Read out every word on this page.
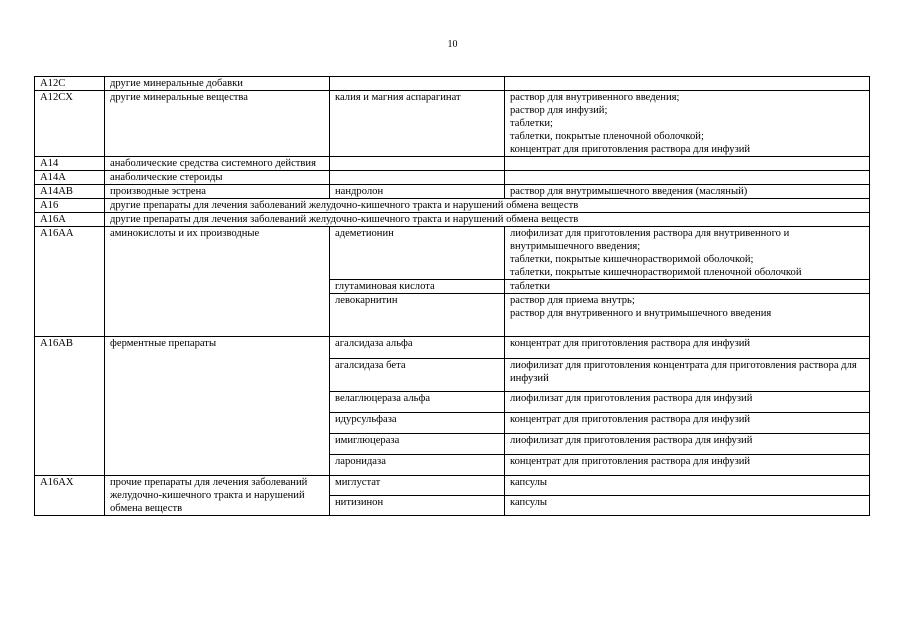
10
A12C	другие минеральные добавки		
A12CX	другие минеральные вещества	калия и магния аспарагинат	раствор для внутривенного введения;
раствор для инфузий;
таблетки;
таблетки, покрытые пленочной оболочкой;
концентрат для приготовления раствора для инфузий

A14	анаболические средства системного действия		
A14A	анаболические стероиды		
A14AB	производные эстрена	нандролон	раствор для внутримышечного введения (масляный)
A16	другие препараты для лечения заболеваний желудочно-кишечного тракта и нарушений обмена веществ		
A16A	другие препараты для лечения заболеваний желудочно-кишечного тракта и нарушений обмена веществ		
A16AA	аминокислоты и их производные	адеметионин	лиофилизат для приготовления раствора для внутривенного и внутримышечного введения;
таблетки, покрытые кишечнорастворимой оболочкой;
таблетки, покрытые кишечнорастворимой пленочной оболочкой

		глутаминовая кислота	таблетки
		левокарнитин	раствор для приема внутрь;
раствор для внутривенного и внутримышечного введения

A16AB	ферментные препараты	агалсидаза альфа	концентрат для приготовления раствора для инфузий
		агалсидаза бета	лиофилизат для приготовления концентрата для приготовления раствора для инфузий
		велаглюцераза альфа	лиофилизат для приготовления раствора для инфузий
		идурсульфаза	концентрат для приготовления раствора для инфузий
		имиглюцераза	лиофилизат для приготовления раствора для инфузий
		ларонидаза	концентрат для приготовления раствора для инфузий
A16AX	прочие препараты для лечения заболеваний желудочно-кишечного тракта и нарушений обмена веществ	миглустат	капсулы
		нитизинон	капсулы
